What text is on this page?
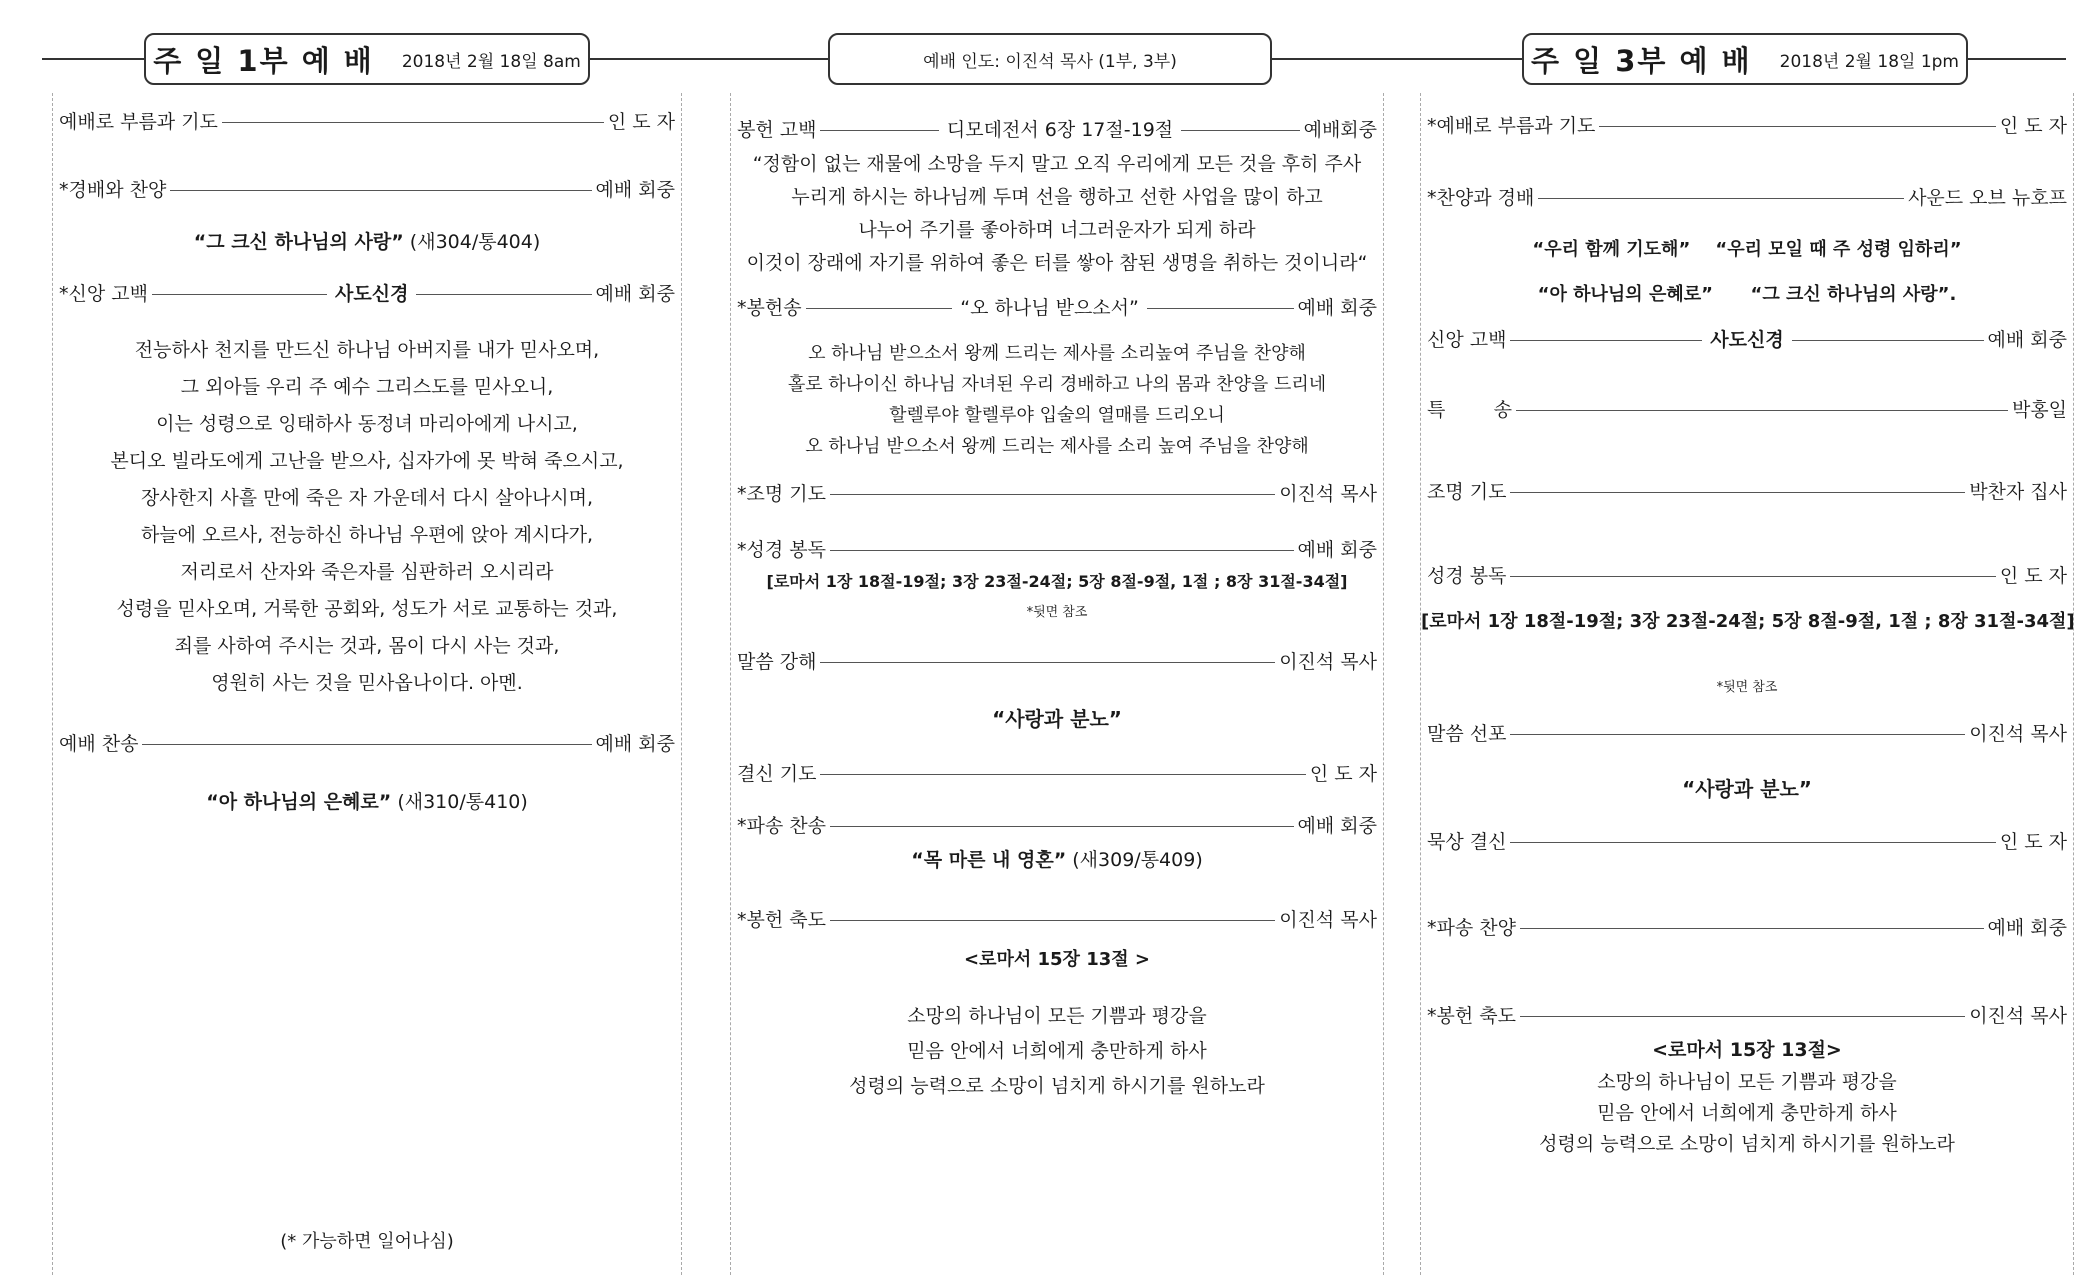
주 일 1부 예 배 2018년 2월 18일 8am	예배 인도: 이진석 목사 (1부, 3부)	주 일 3부 예 배 2018년 2월 18일 1pm
예배로 부름과 기도	인 도 자
*경배와 찬양	예배 회중
“그 크신 하나님의 사랑” (새304/통404)
*신앙 고백	사도신경	예배 회중
전능하사 천지를 만드신 하나님 아버지를 내가 믿사오며,
그 외아들 우리 주 예수 그리스도를 믿사오니,
이는 성령으로 잉태하사 동정녀 마리아에게 나시고,
본디오 빌라도에게 고난을 받으사, 십자가에 못 박혀 죽으시고,
장사한지 사흘 만에 죽은 자 가운데서 다시 살아나시며,
하늘에 오르사, 전능하신 하나님 우편에 앉아 계시다가,
저리로서 산자와 죽은자를 심판하러 오시리라
성령을 믿사오며, 거룩한 공회와, 성도가 서로 교통하는 것과,
죄를 사하여 주시는 것과, 몸이 다시 사는 것과,
영원히 사는 것을 믿사옵나이다. 아멘.
예배 찬송	예배 회중
“아 하나님의 은혜로” (새310/통410)
(* 가능하면 일어나심)
봉헌 고백	디모데전서 6장 17절-19절	예배회중
“정함이 없는 재물에 소망을 두지 말고 오직 우리에게 모든 것을 후히 주사
누리게 하시는 하나님께 두며 선을 행하고 선한 사업을 많이 하고
나누어 주기를 좋아하며 너그러운자가 되게 하라
이것이 장래에 자기를 위하여 좋은 터를 쌓아 참된 생명을 취하는 것이니라“
*봉헌송	“오 하나님 받으소서”	예배 회중
오 하나님 받으소서 왕께 드리는 제사를 소리높여 주님을 찬양해
홀로 하나이신 하나님 자녀된 우리 경배하고 나의 몸과 찬양을 드리네
할렐루야 할렐루야 입술의 열매를 드리오니
오 하나님 받으소서 왕께 드리는 제사를 소리 높여 주님을 찬양해
*조명 기도	이진석 목사
*성경 봉독	예배 회중
[로마서 1장 18절-19절; 3장 23절-24절; 5장 8절-9절, 1절 ; 8장 31절-34절]
*뒷면 참조
말씀 강해	이진석 목사
“사랑과 분노”
결신 기도	인 도 자
*파송 찬송	예배 회중
“목 마른 내 영혼” (새309/통409)
*봉헌 축도	이진석 목사
<로마서 15장 13절 >
소망의 하나님이 모든 기쁨과 평강을
믿음 안에서 너희에게 충만하게 하사
성령의 능력으로 소망이 넘치게 하시기를 원하노라
*예배로 부름과 기도	인 도 자
*찬양과 경배	사운드 오브 뉴호프
“우리 함께 기도해” “우리 모일 때 주 성령 임하리”
“아 하나님의 은혜로” “그 크신 하나님의 사랑”.
신앙 고백	사도신경	예배 회중
특        송	박홍일
조명 기도	박찬자 집사
성경 봉독	인 도 자
[로마서 1장 18절-19절; 3장 23절-24절; 5장 8절-9절, 1절 ; 8장 31절-34절]
*뒷면 참조
말씀 선포	이진석 목사
“사랑과 분노”
묵상 결신	인 도 자
*파송 찬양	예배 회중
*봉헌 축도	이진석 목사
<로마서 15장 13절>
소망의 하나님이 모든 기쁨과 평강을
믿음 안에서 너희에게 충만하게 하사
성령의 능력으로 소망이 넘치게 하시기를 원하노라
